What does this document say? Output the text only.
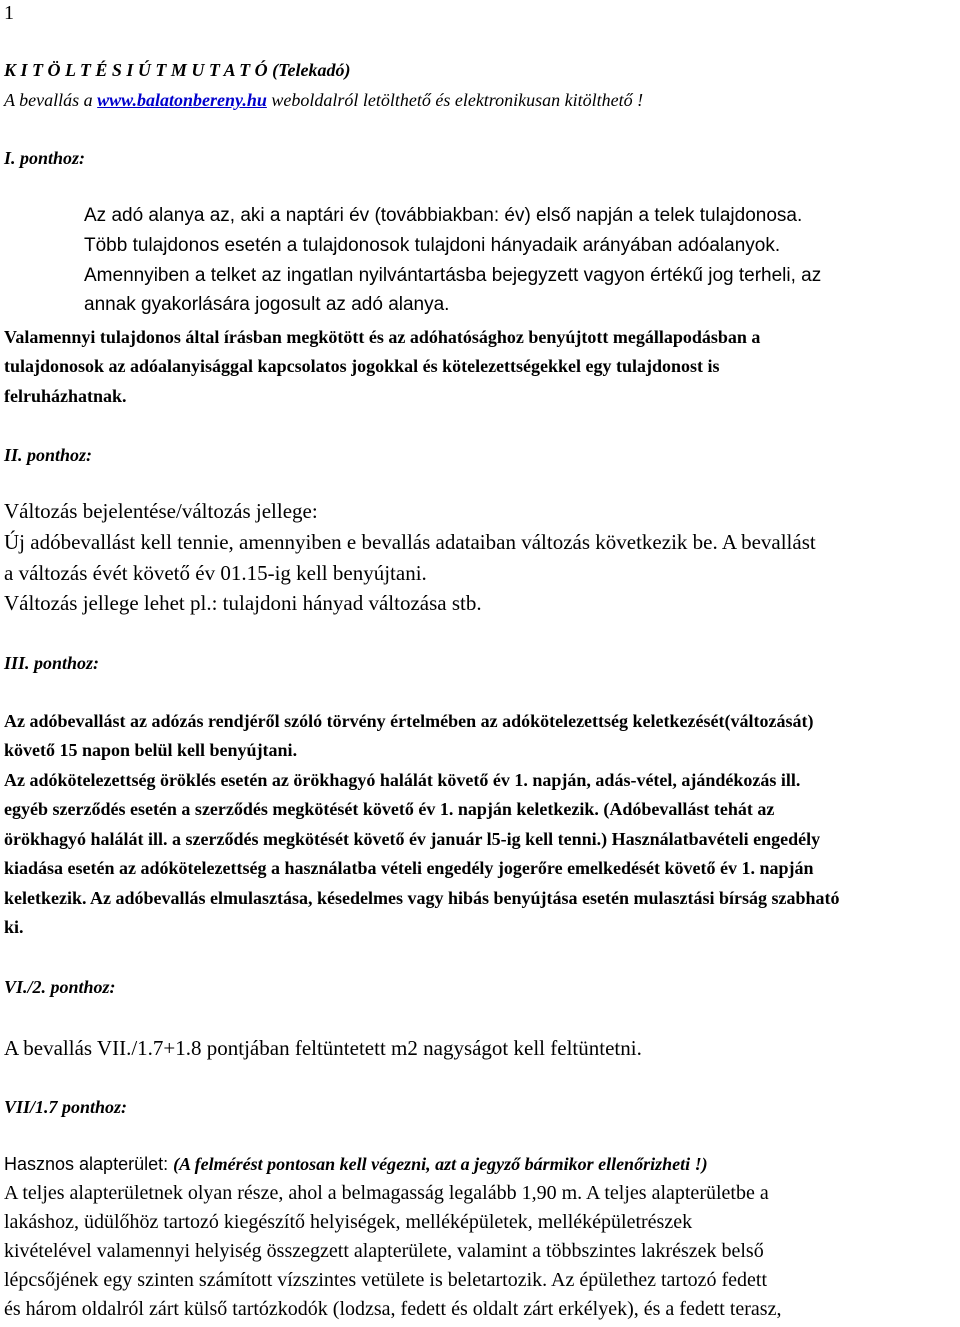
1
K I T Ö L T É S I Ú T M U T A T Ó (Telekadó)
A bevallás a www.balatonbereny.hu weboldalról letölthető és elektronikusan kitölthető !
I. ponthoz:
Az adó alanya az, aki a naptári év (továbbiakban: év) első napján a telek tulajdonosa.
Több tulajdonos esetén a tulajdonosok tulajdoni hányadaik arányában adóalanyok.
Amennyiben a telket az ingatlan nyilvántartásba bejegyzett vagyon értékű jog terheli, az
annak gyakorlására jogosult az adó alanya.
Valamennyi tulajdonos által írásban megkötött és az adóhatósághoz benyújtott megállapodásban a
tulajdonosok az adóalanyisággal kapcsolatos jogokkal és kötelezettségekkel egy tulajdonost is
felruházhatnak.
II. ponthoz:
Változás bejelentése/változás jellege:
Új adóbevallást kell tennie, amennyiben e bevallás adataiban változás következik be. A bevallást
a változás évét követő év 01.15-ig kell benyújtani.
Változás jellege lehet pl.: tulajdoni hányad változása stb.
III. ponthoz:
Az adóbevallást az adózás rendjéről szóló törvény értelmében az adókötelezettség keletkezését(változását)
követő 15 napon belül kell benyújtani.
Az adókötelezettség öröklés esetén az örökhagyó halálát követő év 1. napján, adás-vétel, ajándékozás ill.
egyéb szerződés esetén a szerződés megkötését követő év 1. napján keletkezik. (Adóbevallást tehát az
örökhagyó halálát ill. a szerződés megkötését követő év január l5-ig kell tenni.) Használatbavételi engedély
kiadása esetén az adókötelezettség a használatba vételi engedély jogerőre emelkedését követő év 1. napján
keletkezik. Az adóbevallás elmulasztása, késedelmes vagy hibás benyújtása esetén mulasztási bírság szabható
ki.
VI./2. ponthoz:
A bevallás VII./1.7+1.8 pontjában feltüntetett m2 nagyságot kell feltüntetni.
VII/1.7 ponthoz:
Hasznos alapterület: (A felmérést pontosan kell végezni, azt a jegyző bármikor ellenőrizheti !)
A teljes alapterületnek olyan része, ahol a belmagasság legalább 1,90 m. A teljes alapterületbe a
lakáshoz, üdülőhöz tartozó kiegészítő helyiségek, melléképületek, melléképületrészek
kivételével valamennyi helyiség összegzett alapterülete, valamint a többszintes lakrészek belső
lépcsőjének egy szinten számított vízszintes vetülete is beletartozik. Az épülethez tartozó fedett
és három oldalról zárt külső tartózkodók (lodzsa, fedett és oldalt zárt erkélyek), és a fedett terasz,
